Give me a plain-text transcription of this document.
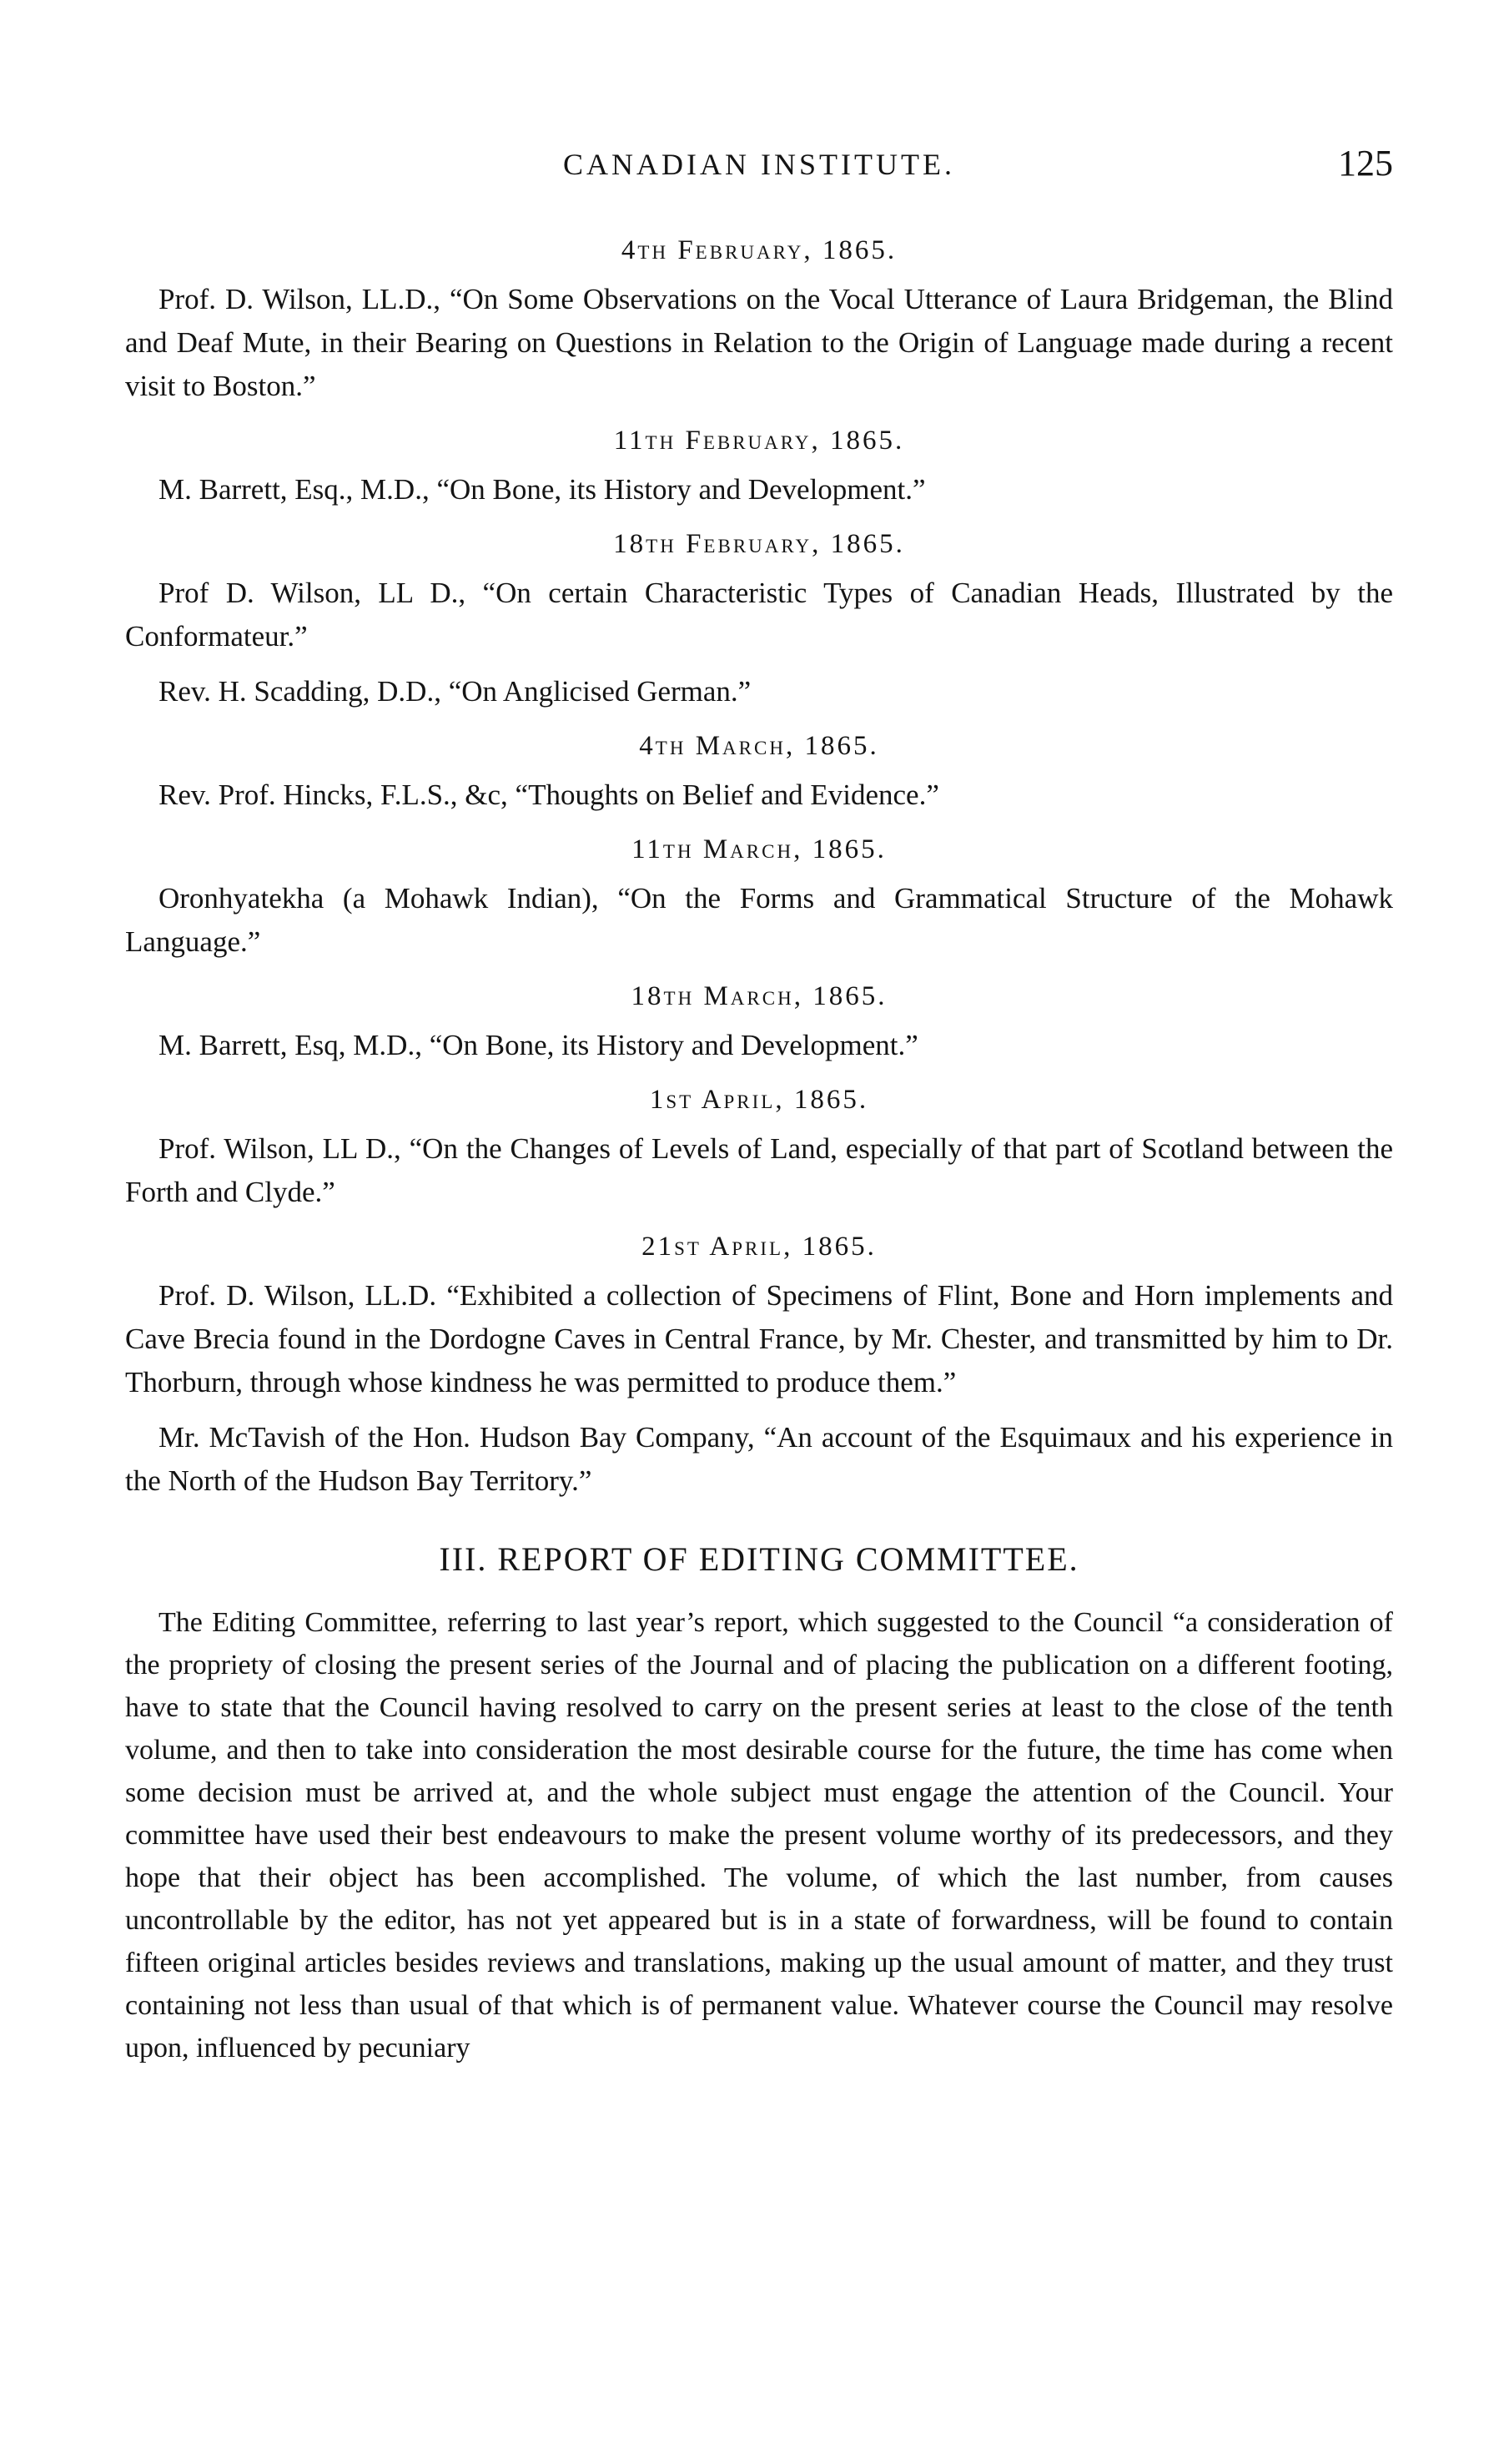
CANADIAN INSTITUTE.	125
4th February, 1865.

Prof. D. Wilson, LL.D., “On Some Observations on the Vocal Utterance of Laura Bridgeman, the Blind and Deaf Mute, in their Bearing on Questions in Relation to the Origin of Language made during a recent visit to Boston.”

11th February, 1865.

M. Barrett, Esq., M.D., “On Bone, its History and Development.”

18th February, 1865.

Prof D. Wilson, LL D., “On certain Characteristic Types of Canadian Heads, Illustrated by the Conformateur.”

Rev. H. Scadding, D.D., “On Anglicised German.”

4th March, 1865.

Rev. Prof. Hincks, F.L.S., &c, “Thoughts on Belief and Evidence.”

11th March, 1865.

Oronhyatekha (a Mohawk Indian), “On the Forms and Grammatical Structure of the Mohawk Language.”

18th March, 1865.

M. Barrett, Esq, M.D., “On Bone, its History and Development.”

1st April, 1865.

Prof. Wilson, LL D., “On the Changes of Levels of Land, especially of that part of Scotland between the Forth and Clyde.”

21st April, 1865.

Prof. D. Wilson, LL.D. “Exhibited a collection of Specimens of Flint, Bone and Horn implements and Cave Brecia found in the Dordogne Caves in Central France, by Mr. Chester, and transmitted by him to Dr. Thorburn, through whose kindness he was permitted to produce them.”

Mr. McTavish of the Hon. Hudson Bay Company, “An account of the Esquimaux and his experience in the North of the Hudson Bay Territory.”

III. REPORT OF EDITING COMMITTEE.

The Editing Committee, referring to last year’s report, which suggested to the Council “a consideration of the propriety of closing the present series of the Journal and of placing the publication on a different footing, have to state that the Council having resolved to carry on the present series at least to the close of the tenth volume, and then to take into consideration the most desirable course for the future, the time has come when some decision must be arrived at, and the whole subject must engage the attention of the Council. Your committee have used their best endeavours to make the present volume worthy of its predecessors, and they hope that their object has been accomplished. The volume, of which the last number, from causes uncontrollable by the editor, has not yet appeared but is in a state of forwardness, will be found to contain fifteen original articles besides reviews and translations, making up the usual amount of matter, and they trust containing not less than usual of that which is of permanent value. Whatever course the Council may resolve upon, influenced by pecuniary
